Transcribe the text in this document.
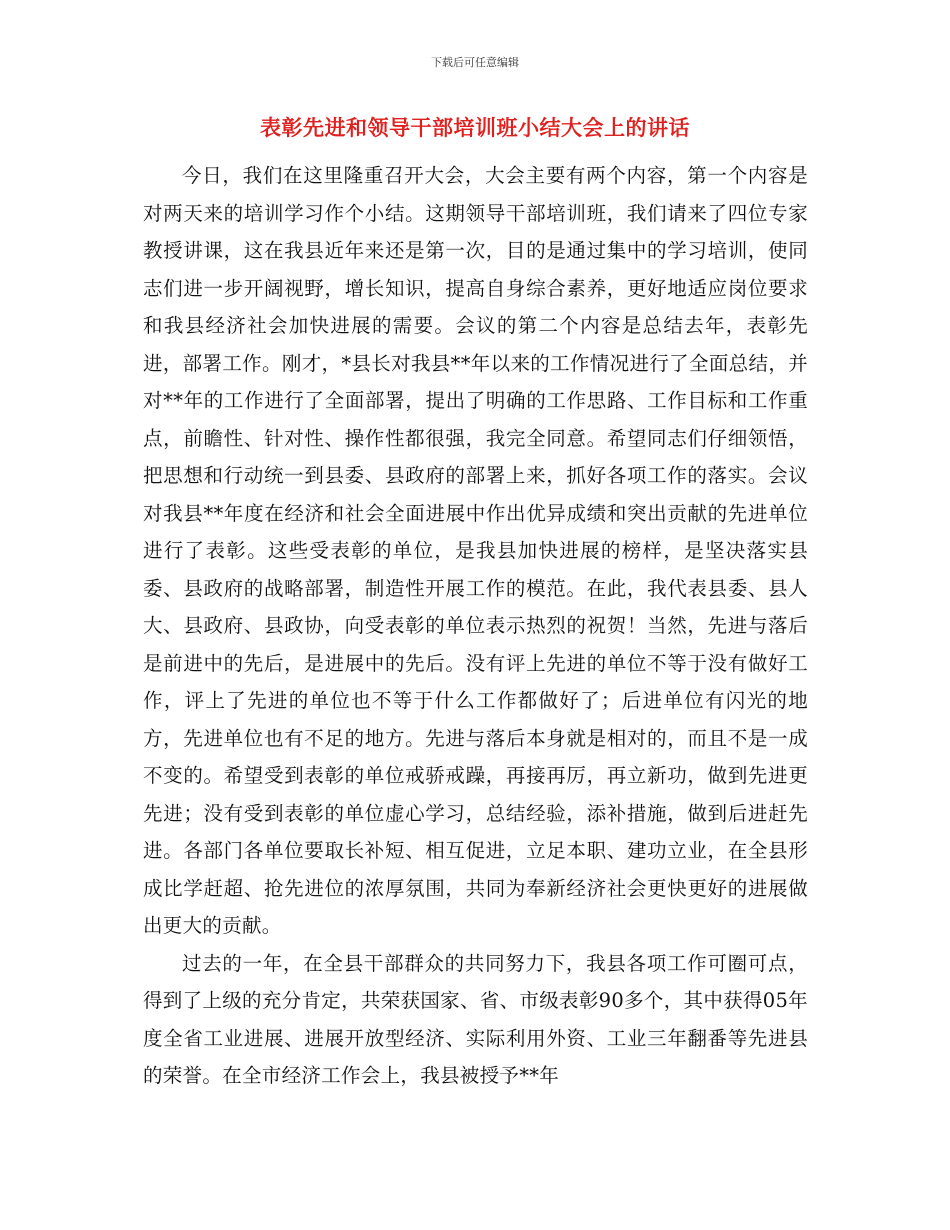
下载后可任意编辑
表彰先进和领导干部培训班小结大会上的讲话

今日，我们在这里隆重召开大会，大会主要有两个内容，第一个内容是对两天来的培训学习作个小结。这期领导干部培训班，我们请来了四位专家教授讲课，这在我县近年来还是第一次，目的是通过集中的学习培训，使同志们进一步开阔视野，增长知识，提高自身综合素养，更好地适应岗位要求和我县经济社会加快进展的需要。会议的第二个内容是总结去年，表彰先进，部署工作。刚才，*县长对我县**年以来的工作情况进行了全面总结，并对**年的工作进行了全面部署，提出了明确的工作思路、工作目标和工作重点，前瞻性、针对性、操作性都很强，我完全同意。希望同志们仔细领悟，把思想和行动统一到县委、县政府的部署上来，抓好各项工作的落实。会议对我县**年度在经济和社会全面进展中作出优异成绩和突出贡献的先进单位进行了表彰。这些受表彰的单位，是我县加快进展的榜样，是坚决落实县委、县政府的战略部署，制造性开展工作的模范。在此，我代表县委、县人大、县政府、县政协，向受表彰的单位表示热烈的祝贺！当然，先进与落后是前进中的先后，是进展中的先后。没有评上先进的单位不等于没有做好工作，评上了先进的单位也不等于什么工作都做好了；后进单位有闪光的地方，先进单位也有不足的地方。先进与落后本身就是相对的，而且不是一成不变的。希望受到表彰的单位戒骄戒躁，再接再厉，再立新功，做到先进更先进；没有受到表彰的单位虚心学习，总结经验，添补措施，做到后进赶先进。各部门各单位要取长补短、相互促进，立足本职、建功立业，在全县形成比学赶超、抢先进位的浓厚氛围，共同为奉新经济社会更快更好的进展做出更大的贡献。

过去的一年，在全县干部群众的共同努力下，我县各项工作可圈可点，得到了上级的充分肯定，共荣获国家、省、市级表彰90多个，其中获得05年度全省工业进展、进展开放型经济、实际利用外资、工业三年翻番等先进县的荣誉。在全市经济工作会上，我县被授予**年
